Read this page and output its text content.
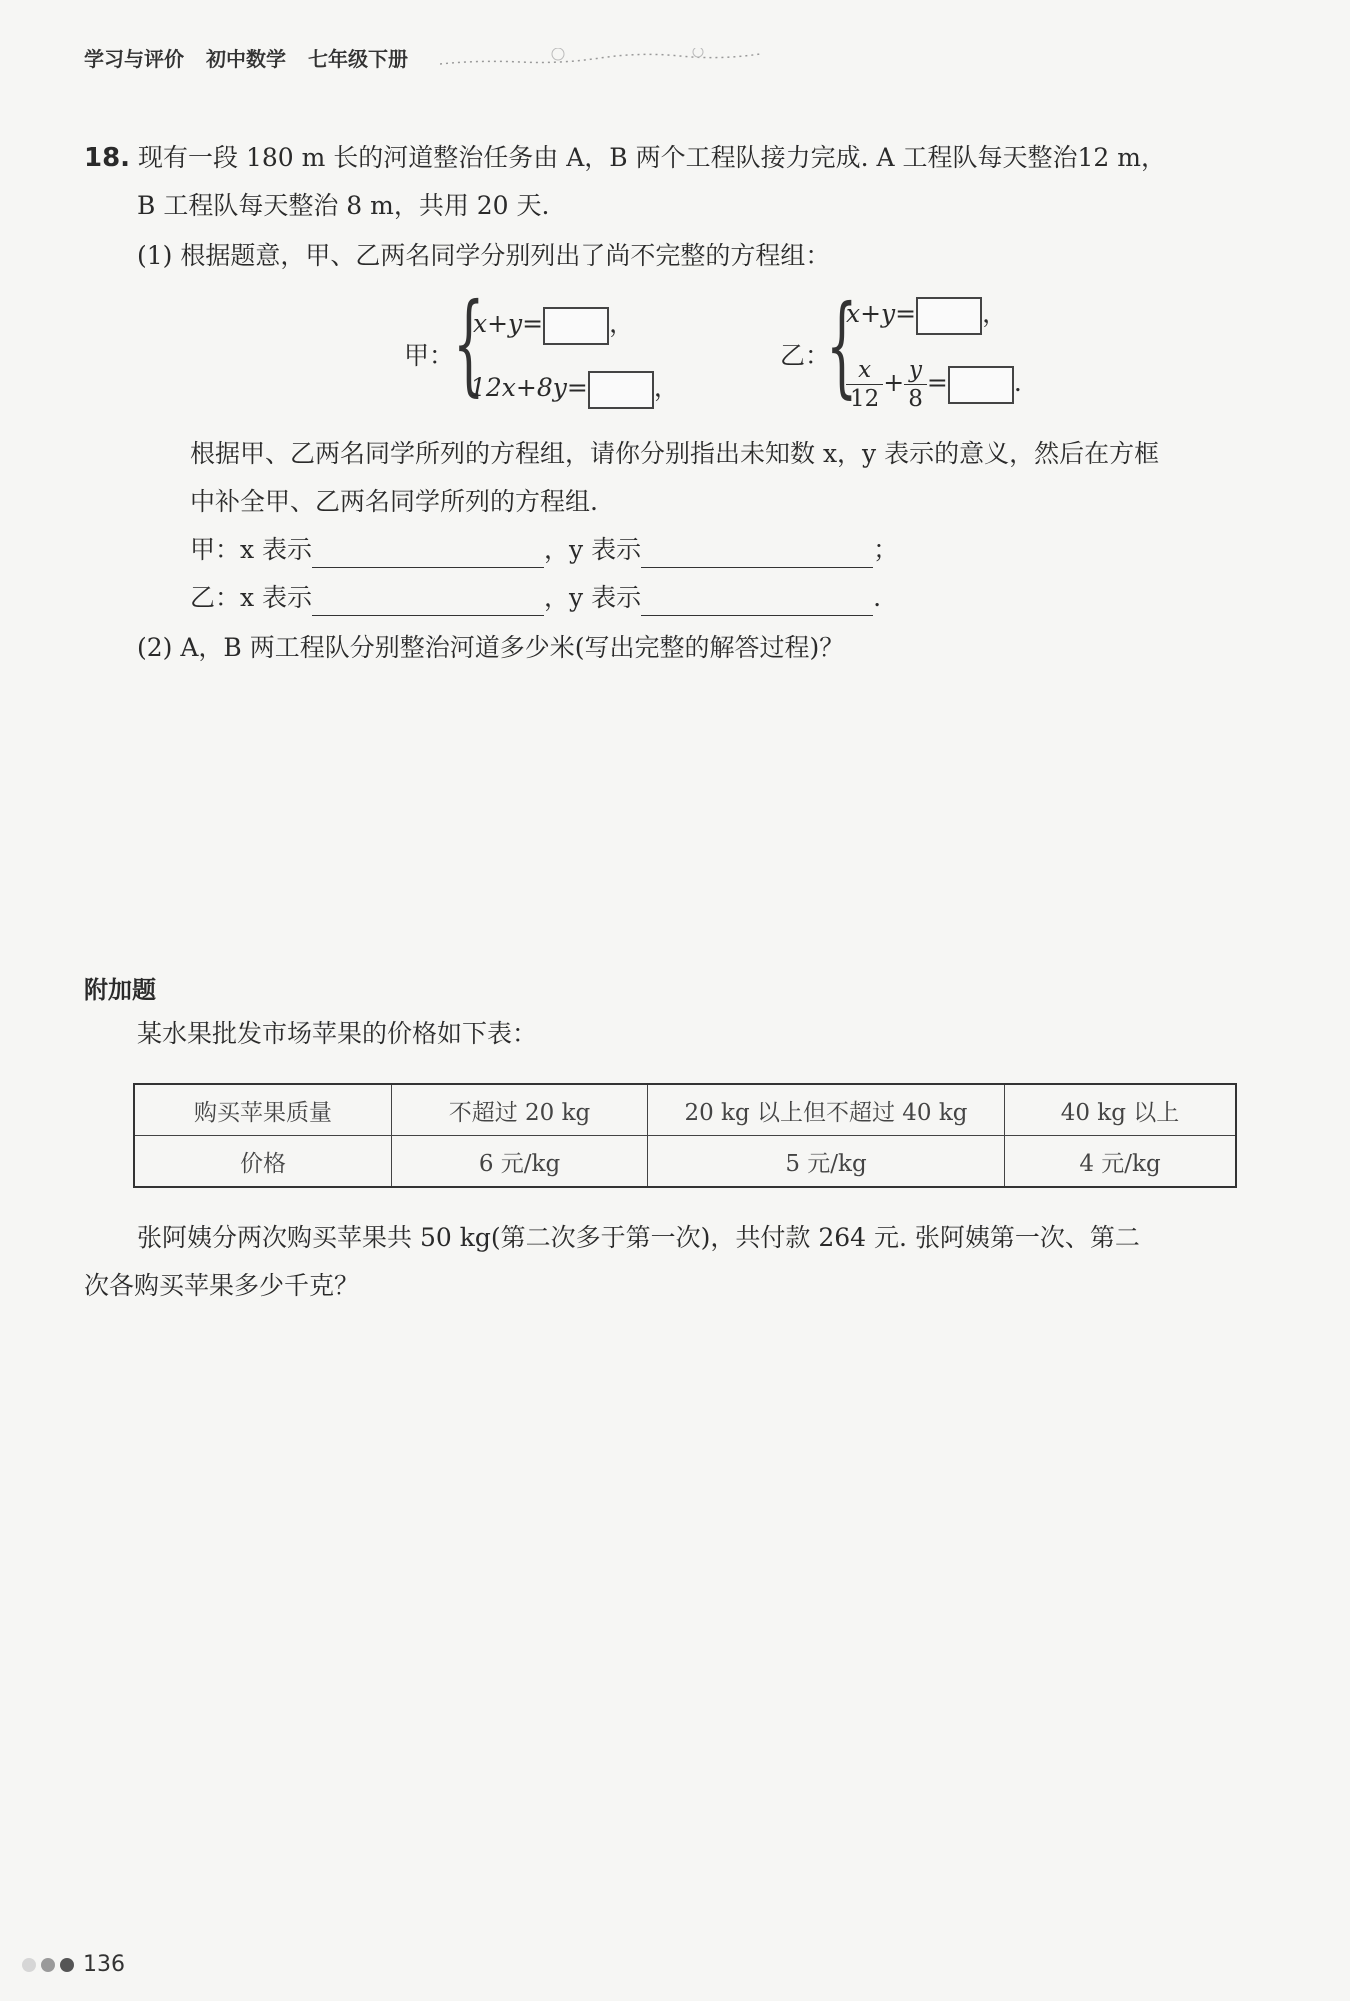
学习与评价 初中数学 七年级下册
18. 现有一段 180 m 长的河道整治任务由 A，B 两个工程队接力完成. A 工程队每天整治12 m，
B 工程队每天整治 8 m，共用 20 天.
(1) 根据题意，甲、乙两名同学分别列出了尚不完整的方程组：
甲：
{
x+y=	，
12x+8y=	，
乙：
{
x+y=	，
$\frac{x}{12} + \frac{y}{8}$ =	.
根据甲、乙两名同学所列的方程组，请你分别指出未知数 x，y 表示的意义，然后在方框
中补全甲、乙两名同学所列的方程组.
甲：x 表示	，y 表示	；
乙：x 表示	，y 表示	.
(2) A，B 两工程队分别整治河道多少米(写出完整的解答过程)？
附加题
某水果批发市场苹果的价格如下表：
购买苹果质量	不超过 20 kg	20 kg 以上但不超过 40 kg	40 kg 以上
价格	6 元/kg	5 元/kg	4 元/kg
张阿姨分两次购买苹果共 50 kg(第二次多于第一次)，共付款 264 元. 张阿姨第一次、第二
次各购买苹果多少千克？
136
